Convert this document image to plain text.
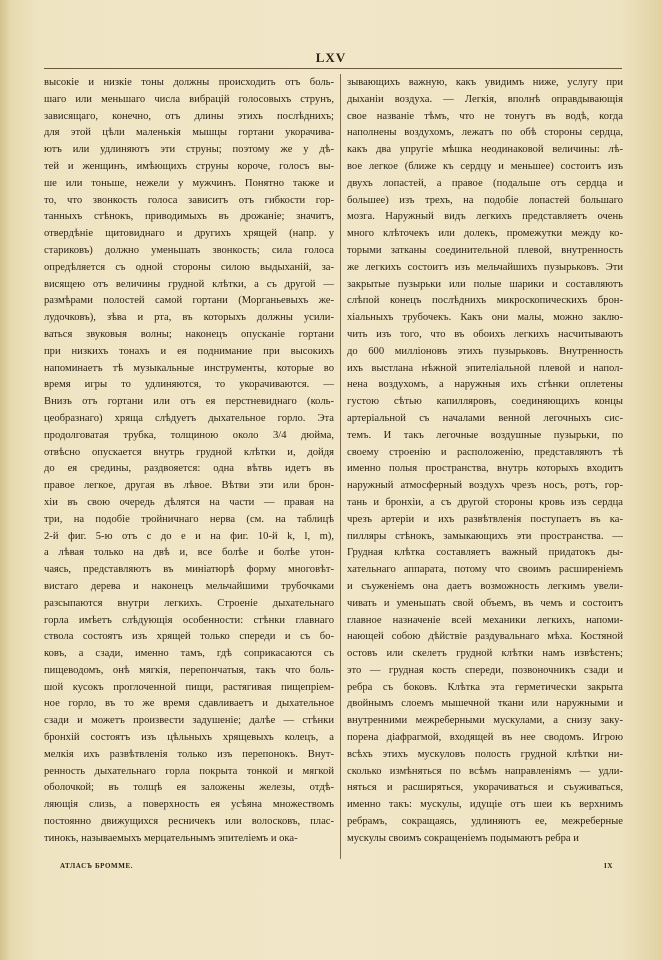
LXV
высокіе и низкіе тоны должны происходить отъ боль-
шаго или меньшаго числа вибрацій голосовыхъ струнъ,
зависящаго, конечно, отъ длины этихъ послѣднихъ;
для этой цѣли маленькія мышцы гортани укорачива-
ютъ или удлиняютъ эти струны; поэтому же у дѣ-
тей и женщинъ, имѣющихъ струны короче, голосъ вы-
ше или тоньше, нежели у мужчинъ. Понятно также и
то, что звонкость голоса зависитъ отъ гибкости гор-
танныхъ стѣнокъ, приводимыхъ въ дрожаніе; значитъ,
отвердѣніе щитовиднаго и другихъ хрящей (напр. у
стариковъ) должно уменьшать звонкость; сила голоса
опредѣляется съ одной стороны силою выдыханій, за-
висящею отъ величины грудной клѣтки, а съ другой —
размѣрами полостей самой гортани (Морганьевыхъ же-
лудочковъ), зѣва и рта, въ которыхъ должны усили-
ваться звуковыя волны; наконецъ опусканіе гортани
при низкихъ тонахъ и ея поднимание при высокихъ
напоминаетъ тѣ музыкальные инструменты, которые во
время игры то удлиняются, то укорачиваются. —
Внизъ отъ гортани или отъ ея перстневиднаго (коль-
цеобразнаго) хряща слѣдуетъ дыхательное горло. Эта
продолговатая трубка, толщиною около 3/4 дюйма,
отвѣсно опускается внутрь грудной клѣтки и, дойдя
до ея средины, раздвояется: одна вѣтвь идетъ въ
правое легкое, другая въ лѣвое. Вѣтви эти или брон-
хіи въ свою очередь дѣлятся на части — правая на
три, на подобіе тройничнаго нерва (см. на таблицѣ
2-й фиг. 5-ю отъ с до е и на фиг. 10-й k, l, m),
а лѣвая только на двѣ и, все болѣе и болѣе утон-
чаясь, представляютъ въ миніатюрѣ форму многовѣт-
вистаго дерева и наконецъ мельчайшими трубочками
разсыпаются внутри легкихъ. Строеніе дыхательнаго
горла имѣетъ слѣдующія особенности: стѣнки главнаго
ствола состоятъ изъ хрящей только спереди и съ бо-
ковъ, а сзади, именно тамъ, гдѣ соприкасаются съ
пищеводомъ, онѣ мягкія, перепончатыя, такъ что боль-
шой кусокъ проглоченной пищи, растягивая пищепріем-
ное горло, въ то же время сдавливаетъ и дыхательное
сзади и можетъ произвести задушеніе; далѣе — стѣнки
бронхій состоятъ изъ цѣльныхъ хрящевыхъ колецъ, а
мелкія ихъ развѣтвленія только изъ перепонокъ. Внут-
ренность дыхательнаго горла покрыта тонкой и мягкой
оболочкой; въ толщѣ ея заложены железы, отдѣ-
ляющія слизь, а поверхность ея усѣяна множествомъ
постоянно движущихся ресничекъ или волосковъ, плас-
тинокъ, называемыхъ мерцательнымъ эпителіемъ и ока-
зывающихъ важную, какъ увидимъ ниже, услугу при
дыханіи воздуха. — Легкія, вполнѣ оправдывающія
свое названіе тѣмъ, что не тонутъ въ водѣ, когда
наполнены воздухомъ, лежатъ по обѣ стороны сердца,
какъ два упругіе мѣшка неодинаковой величины: лѣ-
вое легкое (ближе къ сердцу и меньшее) состоитъ изъ
двухъ лопастей, а правое (подальше отъ сердца и
большее) изъ трехъ, на подобіе лопастей большаго
мозга. Наружный видъ легкихъ представляетъ очень
много клѣточекъ или долекъ, промежутки между ко-
торыми затканы соединительной плевой, внутренность
же легкихъ состоитъ изъ мельчайшихъ пузырьковъ. Эти
закрытые пузырьки или полые шарики и составляютъ
слѣпой конецъ послѣднихъ микроскопическихъ брон-
хіальныхъ трубочекъ. Какъ они малы, можно заклю-
чить изъ того, что въ обоихъ легкихъ насчитываютъ
до 600 милліоновъ этихъ пузырьковъ. Внутренность
ихъ выстлана нѣжной эпителіальной плевой и напол-
нена воздухомъ, а наружныя ихъ стѣнки оплетены
густою сѣтью капилляровъ, соединяющихъ концы
артеріальной съ началами венной легочныхъ сис-
темъ. И такъ легочные воздушные пузырьки, по
своему строенію и расположенію, представляютъ тѣ
именно полыя пространства, внутрь которыхъ входитъ
наружный атмосферный воздухъ чрезъ носъ, ротъ, гор-
тань и бронхіи, а съ другой стороны кровь изъ сердца
чрезъ артеріи и ихъ развѣтвленія поступаетъ въ ка-
пилляры стѣнокъ, замыкающихъ эти пространства. —
Грудная клѣтка составляетъ важный придатокъ ды-
хательнаго аппарата, потому что своимъ расширеніемъ
и съуженіемъ она даетъ возможность легкимъ увели-
чивать и уменьшать свой объемъ, въ чемъ и состоитъ
главное назначеніе всей механики легкихъ, напоми-
нающей собою дѣйствіе раздувальнаго мѣха. Костяной
остовъ или скелетъ грудной клѣтки намъ извѣстенъ;
это — грудная кость спереди, позвоночникъ сзади и
ребра съ боковъ. Клѣтка эта герметически закрыта
двойнымъ слоемъ мышечной ткани или наружными и
внутренними межреберными мускулами, а снизу заку-
порена діафрагмой, входящей въ нее сводомъ. Игрою
всѣхъ этихъ мускуловъ полость грудной клѣтки ни-
сколько измѣняться по всѣмъ направленіямъ — удли-
няться и расширяться, укорачиваться и съуживаться,
именно такъ: мускулы, идущіе отъ шеи къ верхнимъ
ребрамъ, сокращаясь, удлиняютъ ее, межреберные
мускулы своимъ сокращеніемъ подымаютъ ребра и
АТЛАСЪ БРОММЕ.	IX
